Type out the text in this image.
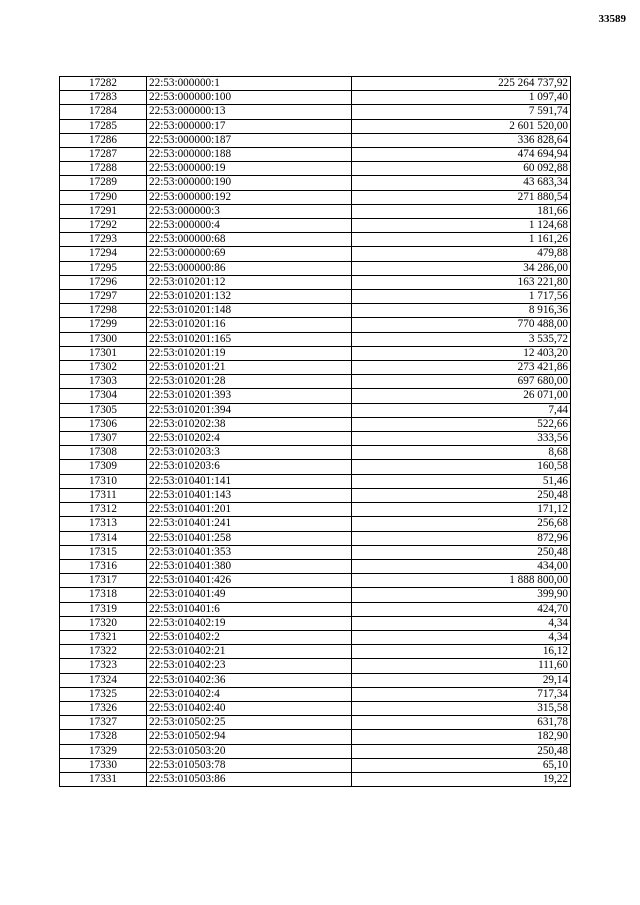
33589
17282	22:53:000000:1	225 264 737,92
17283	22:53:000000:100	1 097,40
17284	22:53:000000:13	7 591,74
17285	22:53:000000:17	2 601 520,00
17286	22:53:000000:187	336 828,64
17287	22:53:000000:188	474 694,94
17288	22:53:000000:19	60 092,88
17289	22:53:000000:190	43 683,34
17290	22:53:000000:192	271 880,54
17291	22:53:000000:3	181,66
17292	22:53:000000:4	1 124,68
17293	22:53:000000:68	1 161,26
17294	22:53:000000:69	479,88
17295	22:53:000000:86	34 286,00
17296	22:53:010201:12	163 221,80
17297	22:53:010201:132	1 717,56
17298	22:53:010201:148	8 916,36
17299	22:53:010201:16	770 488,00
17300	22:53:010201:165	3 535,72
17301	22:53:010201:19	12 403,20
17302	22:53:010201:21	273 421,86
17303	22:53:010201:28	697 680,00
17304	22:53:010201:393	26 071,00
17305	22:53:010201:394	7,44
17306	22:53:010202:38	522,66
17307	22:53:010202:4	333,56
17308	22:53:010203:3	8,68
17309	22:53:010203:6	160,58
17310	22:53:010401:141	51,46
17311	22:53:010401:143	250,48
17312	22:53:010401:201	171,12
17313	22:53:010401:241	256,68
17314	22:53:010401:258	872,96
17315	22:53:010401:353	250,48
17316	22:53:010401:380	434,00
17317	22:53:010401:426	1 888 800,00
17318	22:53:010401:49	399,90
17319	22:53:010401:6	424,70
17320	22:53:010402:19	4,34
17321	22:53:010402:2	4,34
17322	22:53:010402:21	16,12
17323	22:53:010402:23	111,60
17324	22:53:010402:36	29,14
17325	22:53:010402:4	717,34
17326	22:53:010402:40	315,58
17327	22:53:010502:25	631,78
17328	22:53:010502:94	182,90
17329	22:53:010503:20	250,48
17330	22:53:010503:78	65,10
17331	22:53:010503:86	19,22
